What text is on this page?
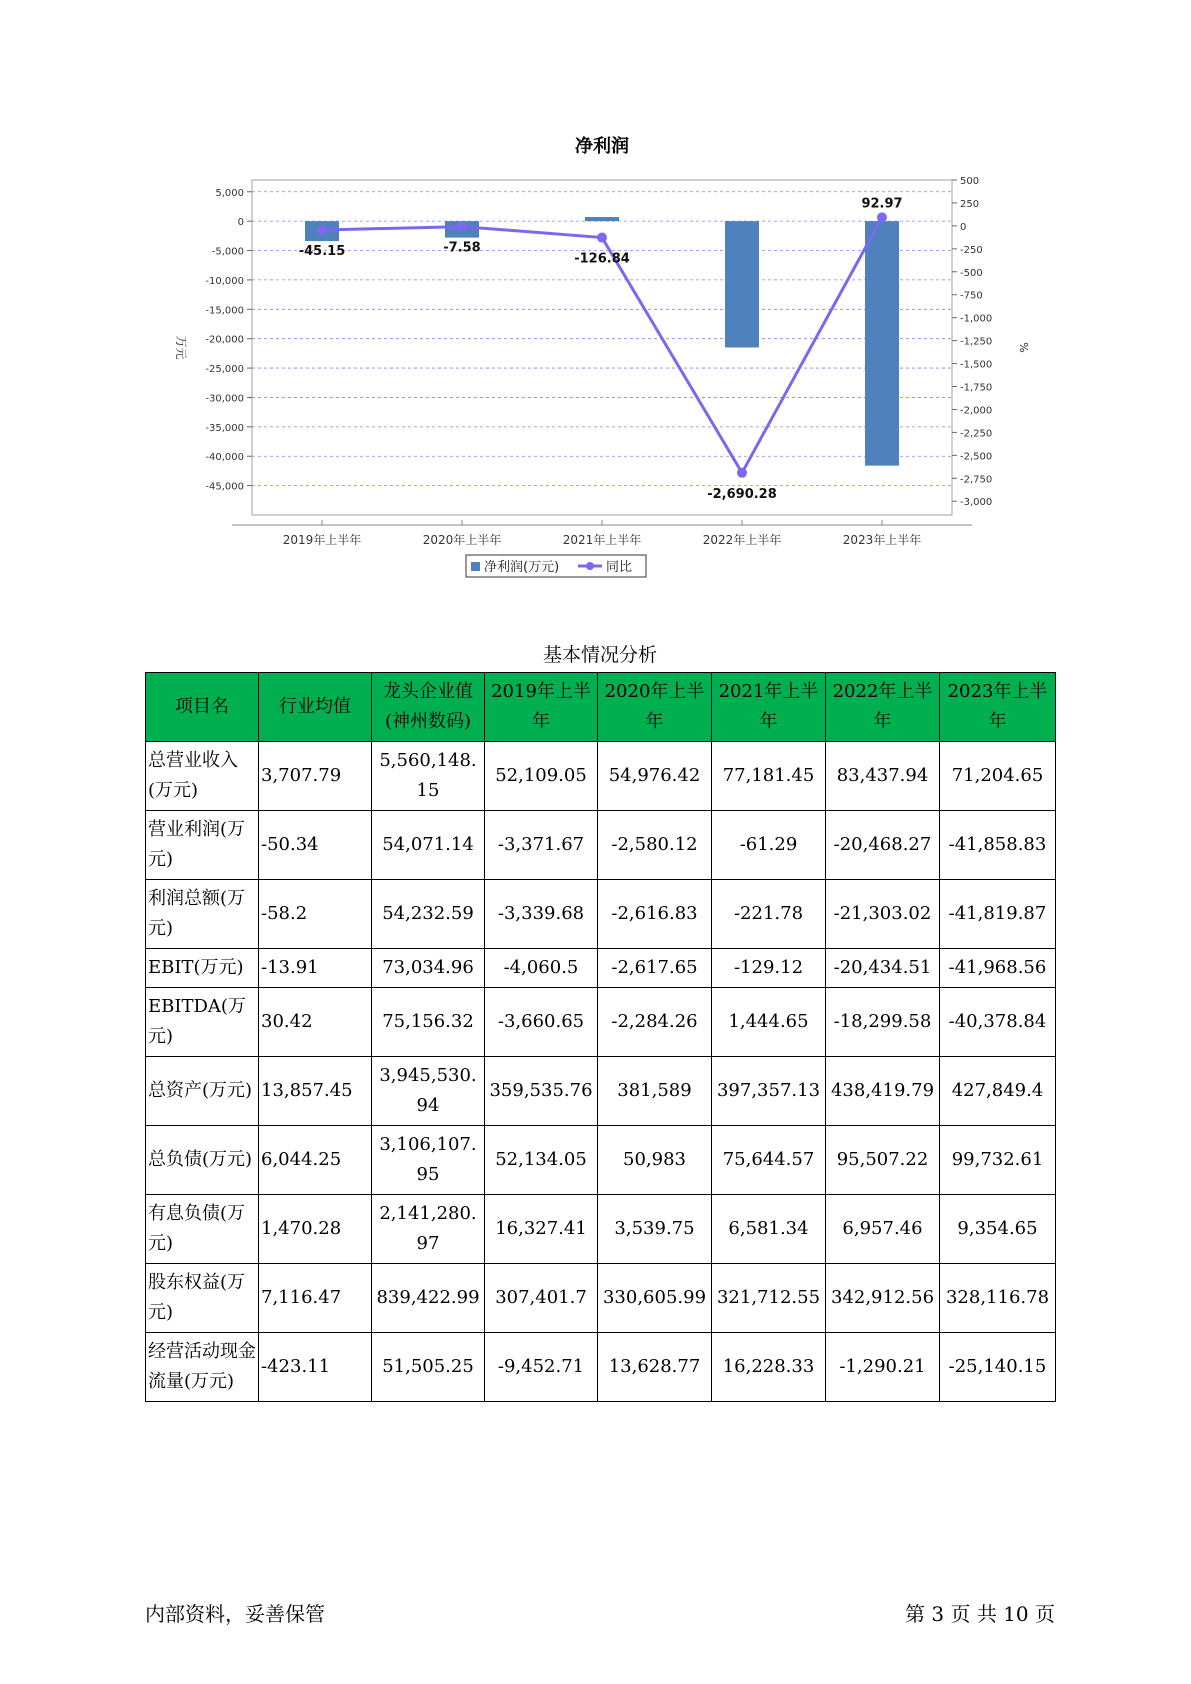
净利润
-45.15	-7.58
-126.84
-2,690.28
92.97
5,000
0
-5,000
-10,000
-15,000
-20,000
-25,000
-30,000
-35,000
-40,000
-45,000
500
250
0
-250
-500
-750
-1,000
-1,250
-1,500
-1,750
-2,000
-2,250
-2,500
-2,750
-3,000
万元	%
2019年上半年	2020年上半年	2021年上半年	2022年上半年	2023年上半年
净利润(万元)	同比
基本情况分析
项目名	行业均值	龙头企业值(神州数码)	2019年上半年	2020年上半年	2021年上半年	2022年上半年	2023年上半年
总营业收入(万元)	3,707.79	5,560,148.15	52,109.05	54,976.42	77,181.45	83,437.94	71,204.65
营业利润(万元)	-50.34	54,071.14	-3,371.67	-2,580.12	-61.29	-20,468.27	-41,858.83
利润总额(万元)	-58.2	54,232.59	-3,339.68	-2,616.83	-221.78	-21,303.02	-41,819.87
EBIT(万元)	-13.91	73,034.96	-4,060.5	-2,617.65	-129.12	-20,434.51	-41,968.56
EBITDA(万元)	30.42	75,156.32	-3,660.65	-2,284.26	1,444.65	-18,299.58	-40,378.84
总资产(万元)	13,857.45	3,945,530.94	359,535.76	381,589	397,357.13	438,419.79	427,849.4
总负债(万元)	6,044.25	3,106,107.95	52,134.05	50,983	75,644.57	95,507.22	99,732.61
有息负债(万元)	1,470.28	2,141,280.97	16,327.41	3,539.75	6,581.34	6,957.46	9,354.65
股东权益(万元)	7,116.47	839,422.99	307,401.7	330,605.99	321,712.55	342,912.56	328,116.78
经营活动现金流量(万元)	-423.11	51,505.25	-9,452.71	13,628.77	16,228.33	-1,290.21	-25,140.15
内部资料，妥善保管	第 3 页 共 10 页
